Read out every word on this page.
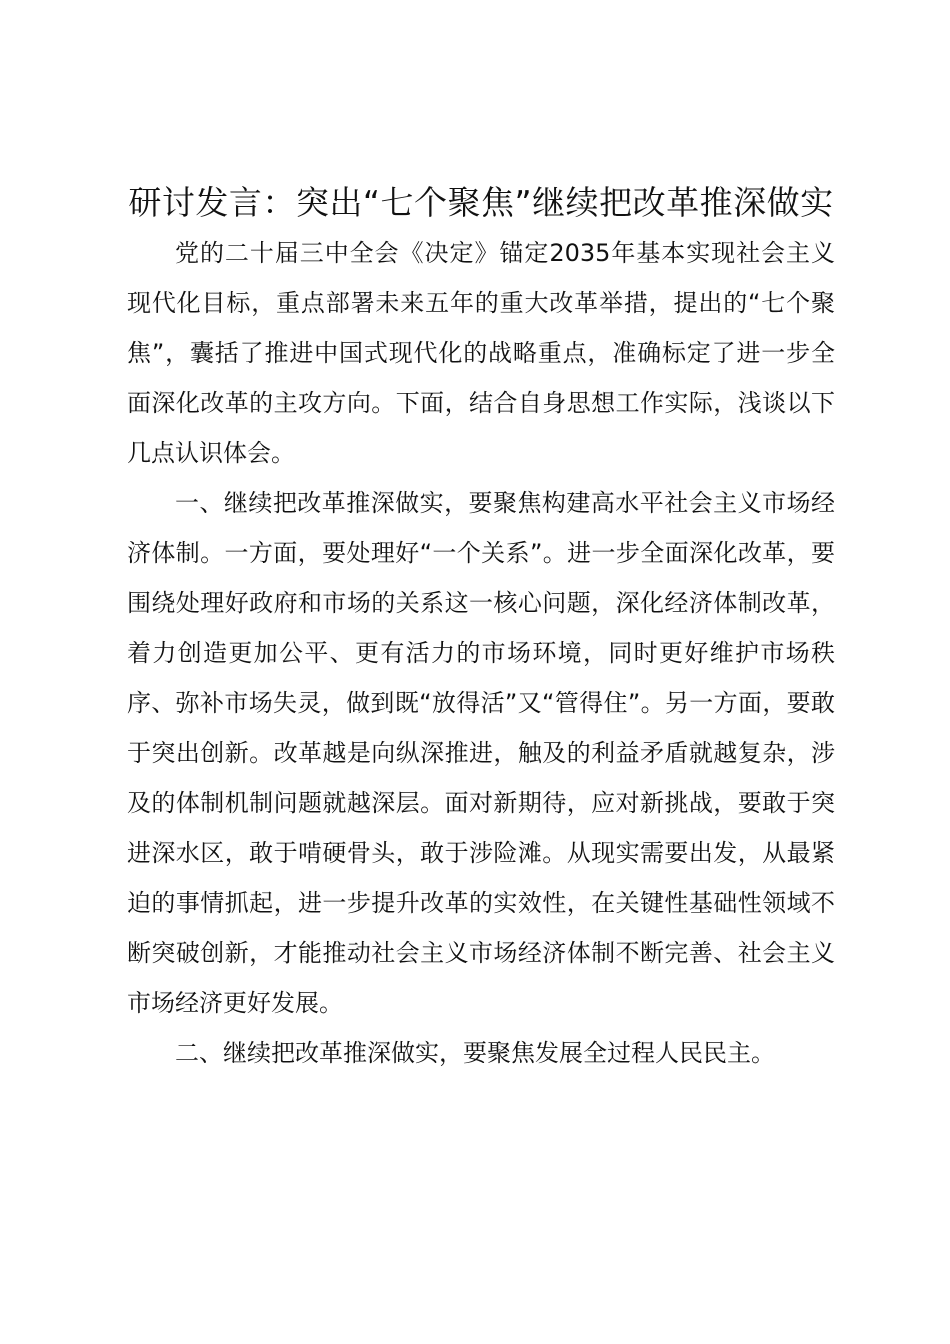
研讨发言：突出“七个聚焦”继续把改革推深做实

党的二十届三中全会《决定》锚定2035年基本实现社会主义现代化目标，重点部署未来五年的重大改革举措，提出的“七个聚焦”，囊括了推进中国式现代化的战略重点，准确标定了进一步全面深化改革的主攻方向。下面，结合自身思想工作实际，浅谈以下几点认识体会。

一、继续把改革推深做实，要聚焦构建高水平社会主义市场经济体制。一方面，要处理好“一个关系”。进一步全面深化改革，要围绕处理好政府和市场的关系这一核心问题，深化经济体制改革，着力创造更加公平、更有活力的市场环境，同时更好维护市场秩序、弥补市场失灵，做到既“放得活”又“管得住”。另一方面，要敢于突出创新。改革越是向纵深推进，触及的利益矛盾就越复杂，涉及的体制机制问题就越深层。面对新期待，应对新挑战，要敢于突进深水区，敢于啃硬骨头，敢于涉险滩。从现实需要出发，从最紧迫的事情抓起，进一步提升改革的实效性，在关键性基础性领域不断突破创新，才能推动社会主义市场经济体制不断完善、社会主义市场经济更好发展。

二、继续把改革推深做实，要聚焦发展全过程人民民主。
